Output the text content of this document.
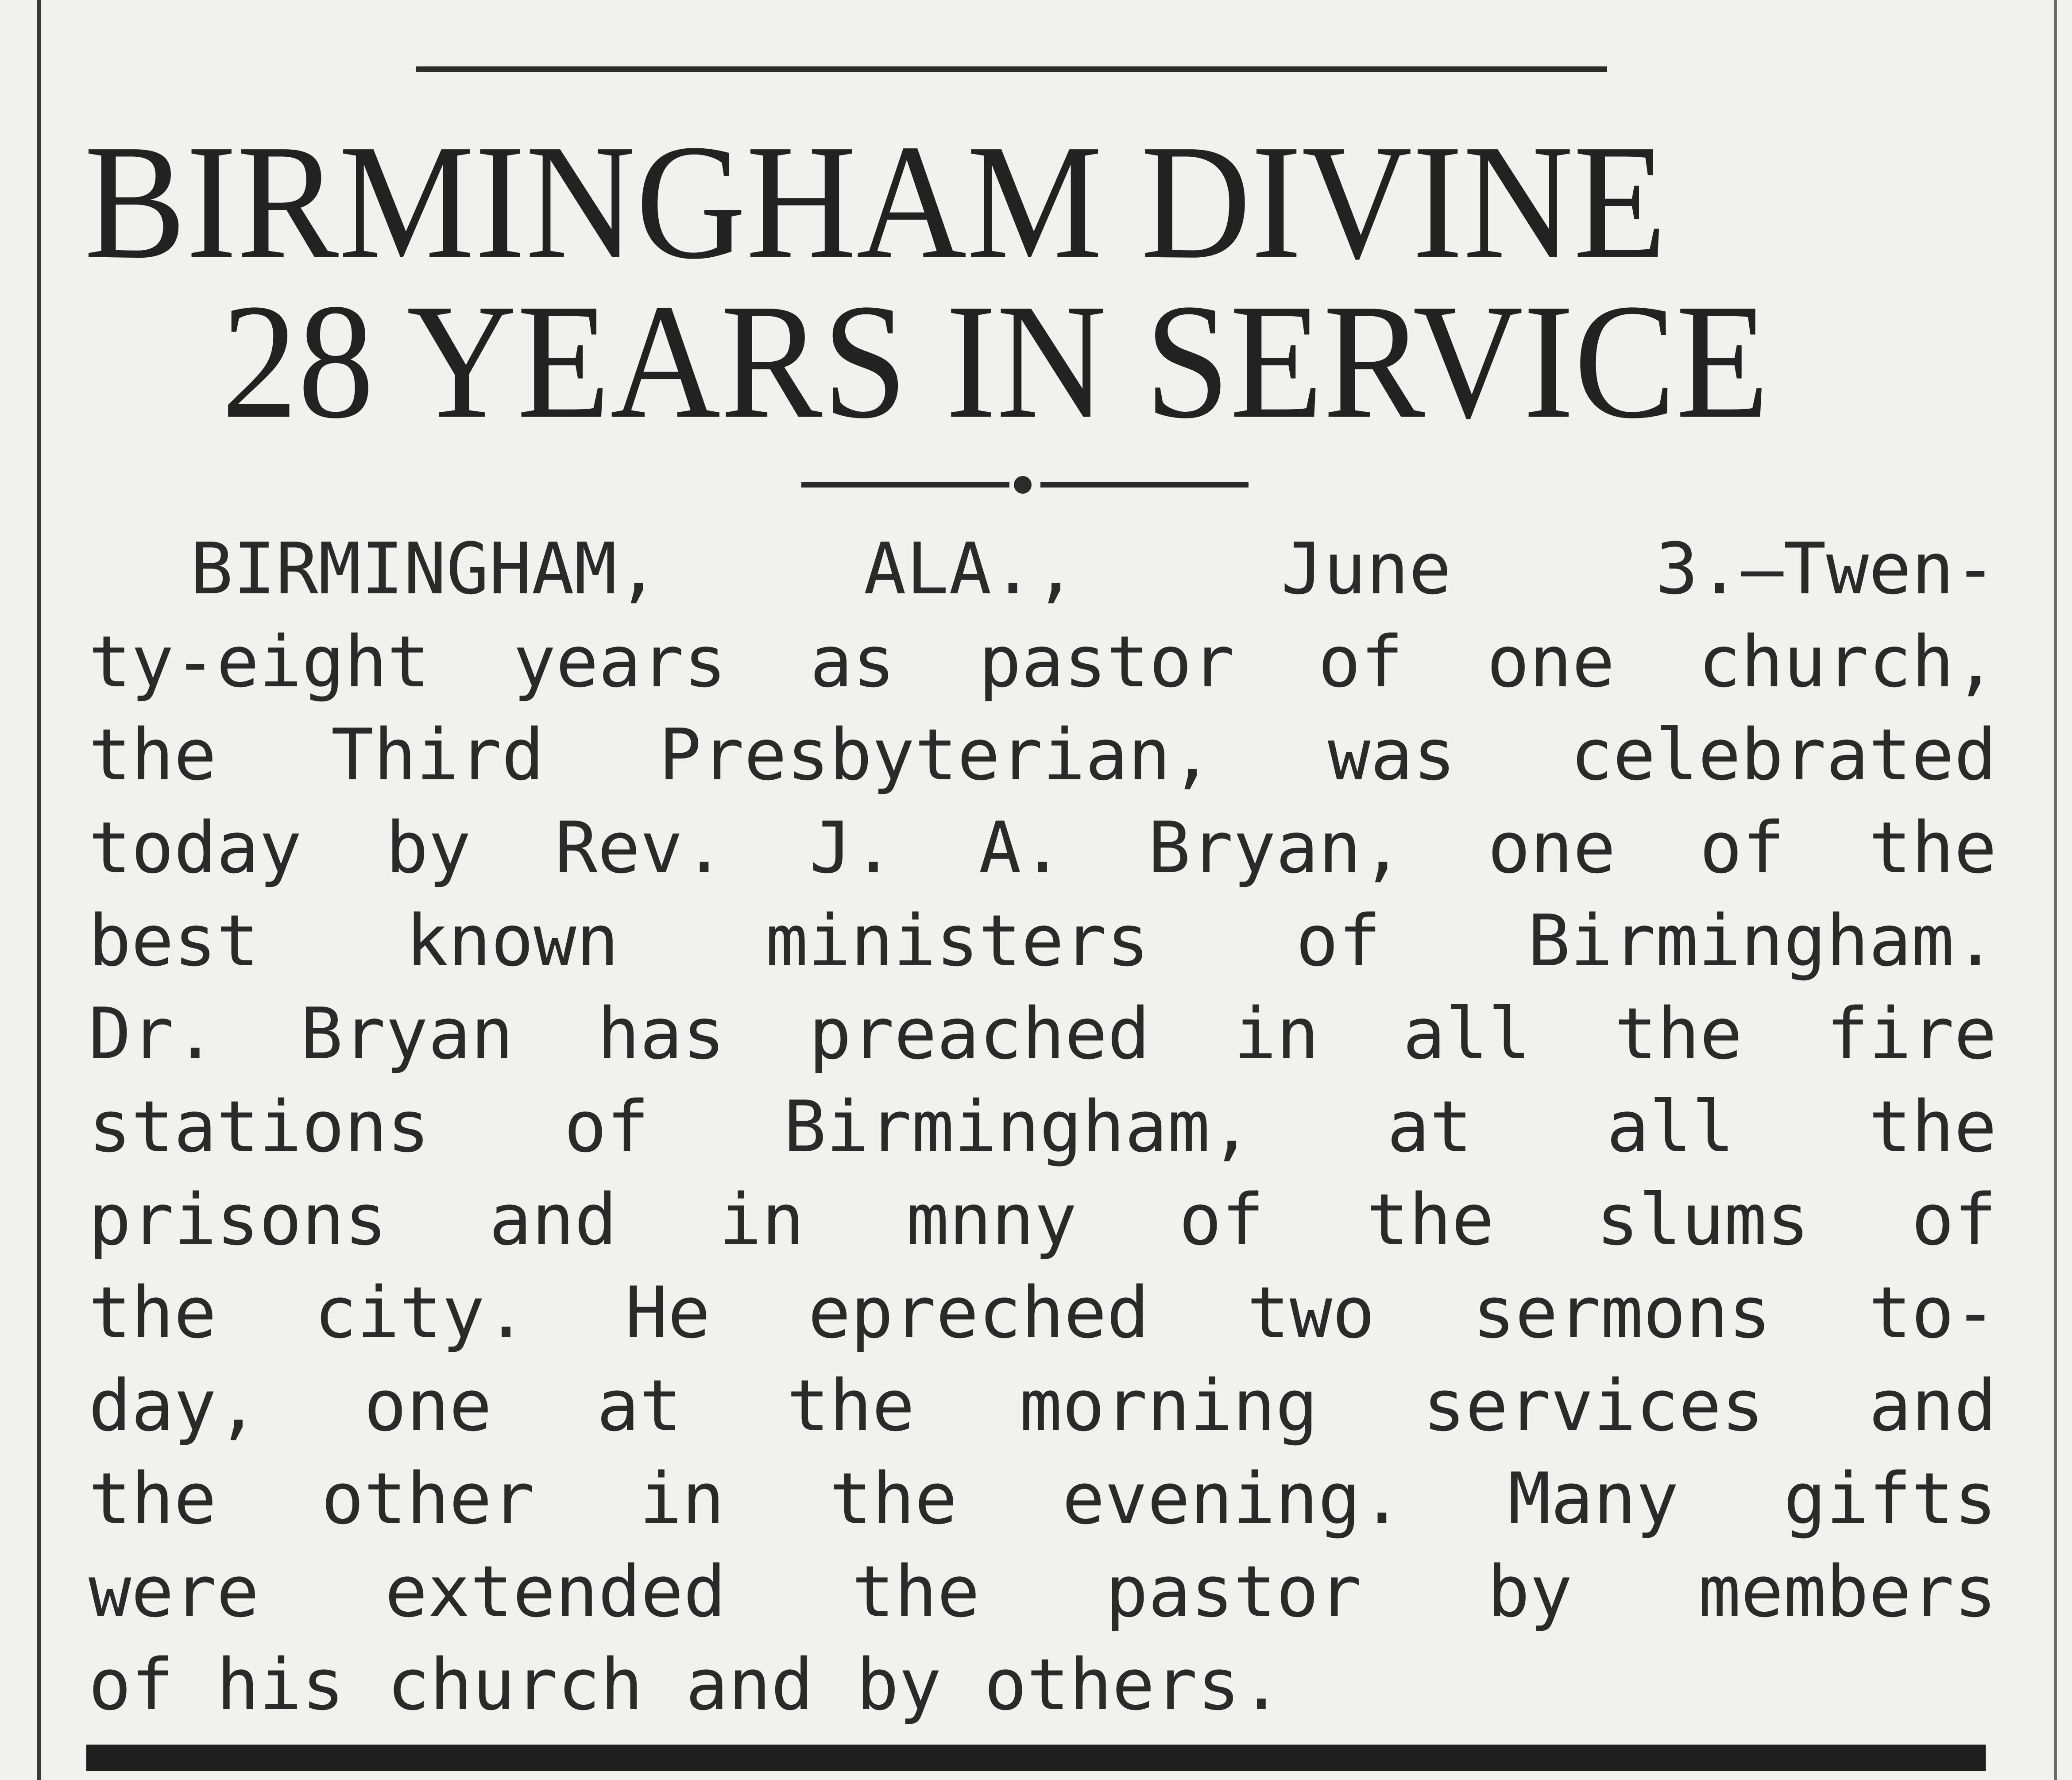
BIRMINGHAM DIVINE
28 YEARS IN SERVICE
BIRMINGHAM, ALA., June 3.—Twen-
ty-eight years as pastor of one church,
the Third Presbyterian, was celebrated
today by Rev. J. A. Bryan, one of the
best known ministers of Birmingham.
Dr. Bryan has preached in all the fire
stations of Birmingham, at all the
prisons and in mnny of the slums of
the city. He epreched two sermons to-
day, one at the morning services and
the other in the evening. Many gifts
were extended the pastor by members
of his church and by others.
